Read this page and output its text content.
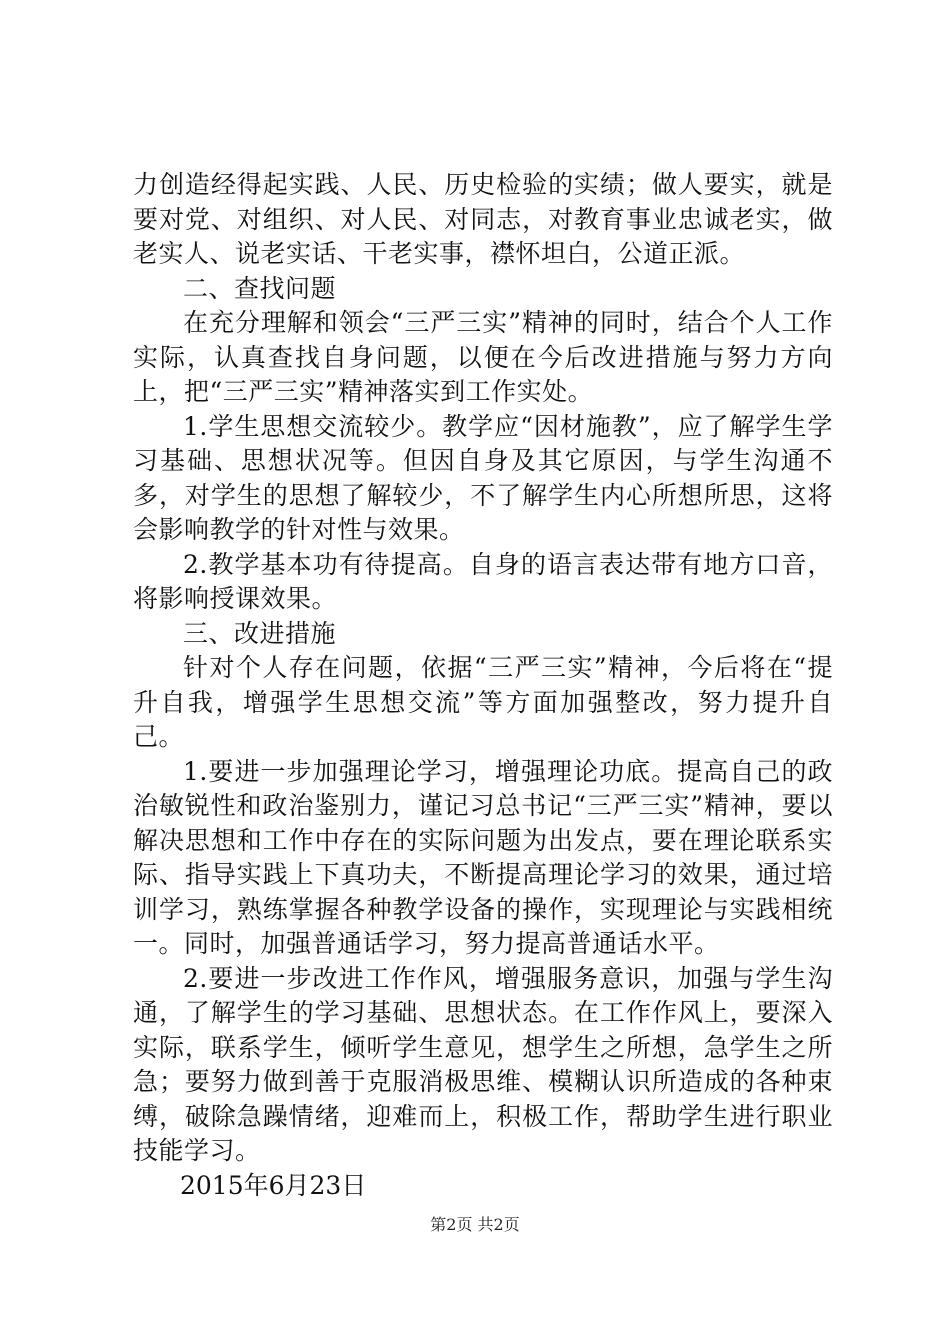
力创造经得起实践、人民、历史检验的实绩；做人要实，就是要对党、对组织、对人民、对同志，对教育事业忠诚老实，做老实人、说老实话、干老实事，襟怀坦白，公道正派。

二、查找问题

在充分理解和领会“三严三实”精神的同时，结合个人工作实际，认真查找自身问题，以便在今后改进措施与努力方向上，把“三严三实”精神落实到工作实处。

1.学生思想交流较少。教学应“因材施教”，应了解学生学习基础、思想状况等。但因自身及其它原因，与学生沟通不多，对学生的思想了解较少，不了解学生内心所想所思，这将会影响教学的针对性与效果。

2.教学基本功有待提高。自身的语言表达带有地方口音，将影响授课效果。

三、改进措施

针对个人存在问题，依据“三严三实”精神，今后将在“提升自我，增强学生思想交流”等方面加强整改，努力提升自己。

1.要进一步加强理论学习，增强理论功底。提高自己的政治敏锐性和政治鉴别力，谨记习总书记“三严三实”精神，要以解决思想和工作中存在的实际问题为出发点，要在理论联系实际、指导实践上下真功夫，不断提高理论学习的效果，通过培训学习，熟练掌握各种教学设备的操作，实现理论与实践相统一。同时，加强普通话学习，努力提高普通话水平。

2.要进一步改进工作作风，增强服务意识，加强与学生沟通，了解学生的学习基础、思想状态。在工作作风上，要深入实际，联系学生，倾听学生意见，想学生之所想，急学生之所急；要努力做到善于克服消极思维、模糊认识所造成的各种束缚，破除急躁情绪，迎难而上，积极工作，帮助学生进行职业技能学习。

2015年6月23日

第2页 共2页
